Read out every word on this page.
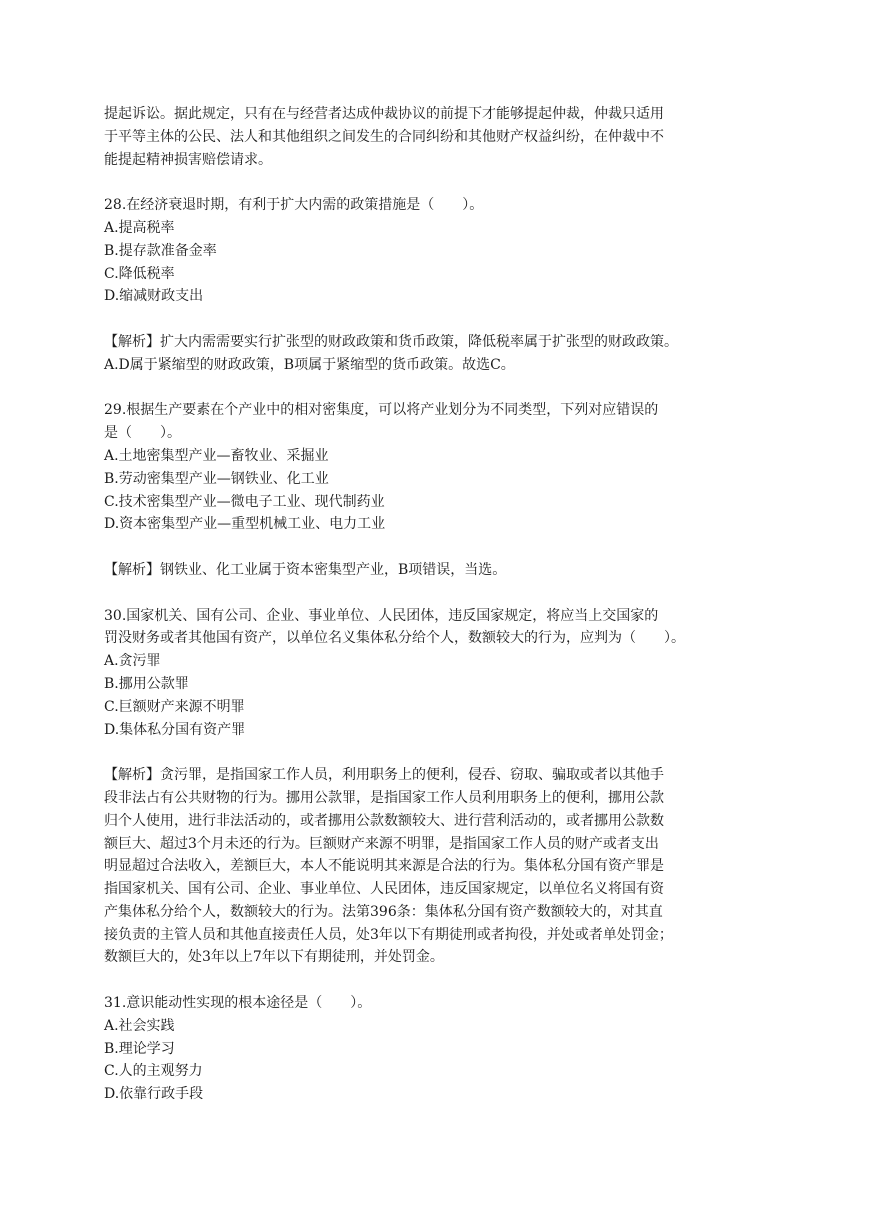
提起诉讼。据此规定，只有在与经营者达成仲裁协议的前提下才能够提起仲裁，仲裁只适用
于平等主体的公民、法人和其他组织之间发生的合同纠纷和其他财产权益纠纷，在仲裁中不
能提起精神损害赔偿请求。
28.在经济衰退时期，有利于扩大内需的政策措施是（　　）。
A.提高税率
B.提存款准备金率
C.降低税率
D.缩减财政支出
【解析】扩大内需需要实行扩张型的财政政策和货币政策，降低税率属于扩张型的财政政策。
A.D属于紧缩型的财政政策，B项属于紧缩型的货币政策。故选C。
29.根据生产要素在个产业中的相对密集度，可以将产业划分为不同类型，下列对应错误的
是（　　）。
A.土地密集型产业—畜牧业、采掘业
B.劳动密集型产业—钢铁业、化工业
C.技术密集型产业—微电子工业、现代制药业
D.资本密集型产业—重型机械工业、电力工业
【解析】钢铁业、化工业属于资本密集型产业，B项错误，当选。
30.国家机关、国有公司、企业、事业单位、人民团体，违反国家规定，将应当上交国家的
罚没财务或者其他国有资产，以单位名义集体私分给个人，数额较大的行为，应判为（　　）。
A.贪污罪
B.挪用公款罪
C.巨额财产来源不明罪
D.集体私分国有资产罪
【解析】贪污罪，是指国家工作人员，利用职务上的便利，侵吞、窃取、骗取或者以其他手
段非法占有公共财物的行为。挪用公款罪，是指国家工作人员利用职务上的便利，挪用公款
归个人使用，进行非法活动的，或者挪用公款数额较大、进行营利活动的，或者挪用公款数
额巨大、超过3个月未还的行为。巨额财产来源不明罪，是指国家工作人员的财产或者支出
明显超过合法收入，差额巨大，本人不能说明其来源是合法的行为。集体私分国有资产罪是
指国家机关、国有公司、企业、事业单位、人民团体，违反国家规定，以单位名义将国有资
产集体私分给个人，数额较大的行为。法第396条：集体私分国有资产数额较大的，对其直
接负责的主管人员和其他直接责任人员，处3年以下有期徒刑或者拘役，并处或者单处罚金；
数额巨大的，处3年以上7年以下有期徒刑，并处罚金。
31.意识能动性实现的根本途径是（　　）。
A.社会实践
B.理论学习
C.人的主观努力
D.依靠行政手段
